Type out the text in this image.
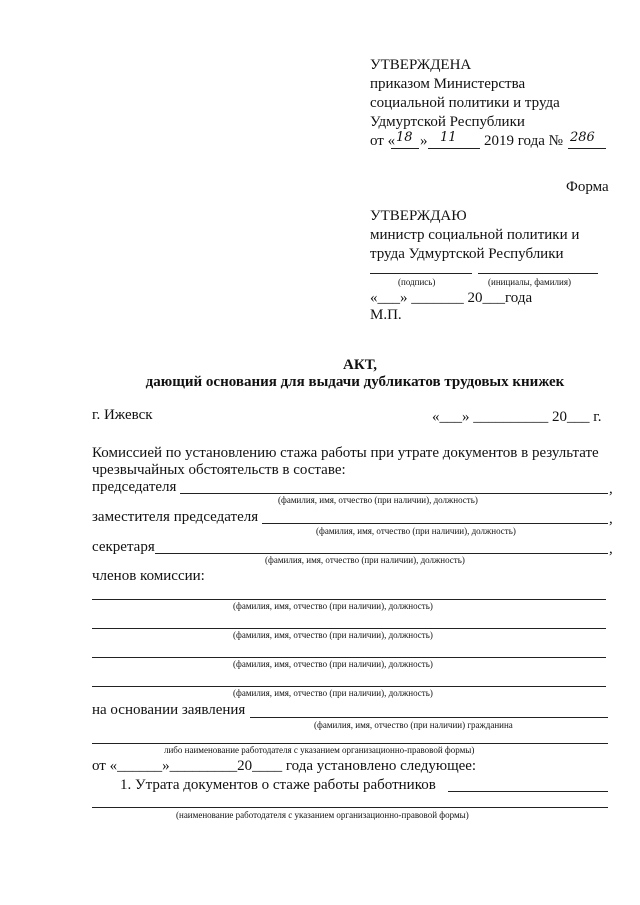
УТВЕРЖДЕНА
приказом Министерства
социальной политики и труда
Удмуртской Республики
от « 18 » 11 2019 года № 286
Форма
УТВЕРЖДАЮ
министр социальной политики и
труда Удмуртской Республики
(подпись)	(инициалы, фамилия)
«___» _______ 20___года
М.П.
АКТ,
дающий основания для выдачи дубликатов трудовых книжек
г. Ижевск	«___» __________ 20___ г.
Комиссией по установлению стажа работы при утрате документов в результате
чрезвычайных обстоятельств в составе:
председателя	,
(фамилия, имя, отчество (при наличии), должность)
заместителя председателя	,
(фамилия, имя, отчество (при наличии), должность)
секретаря	,
(фамилия, имя, отчество (при наличии), должность)
членов комиссии:
(фамилия, имя, отчество (при наличии), должность)
(фамилия, имя, отчество (при наличии), должность)
(фамилия, имя, отчество (при наличии), должность)
(фамилия, имя, отчество (при наличии), должность)
на основании заявления
(фамилия, имя, отчество (при наличии) гражданина
либо наименование работодателя с указанием организационно-правовой формы)
от «______»_________20____ года установлено следующее:
1. Утрата документов о стаже работы работников
(наименование работодателя с указанием организационно-правовой формы)
